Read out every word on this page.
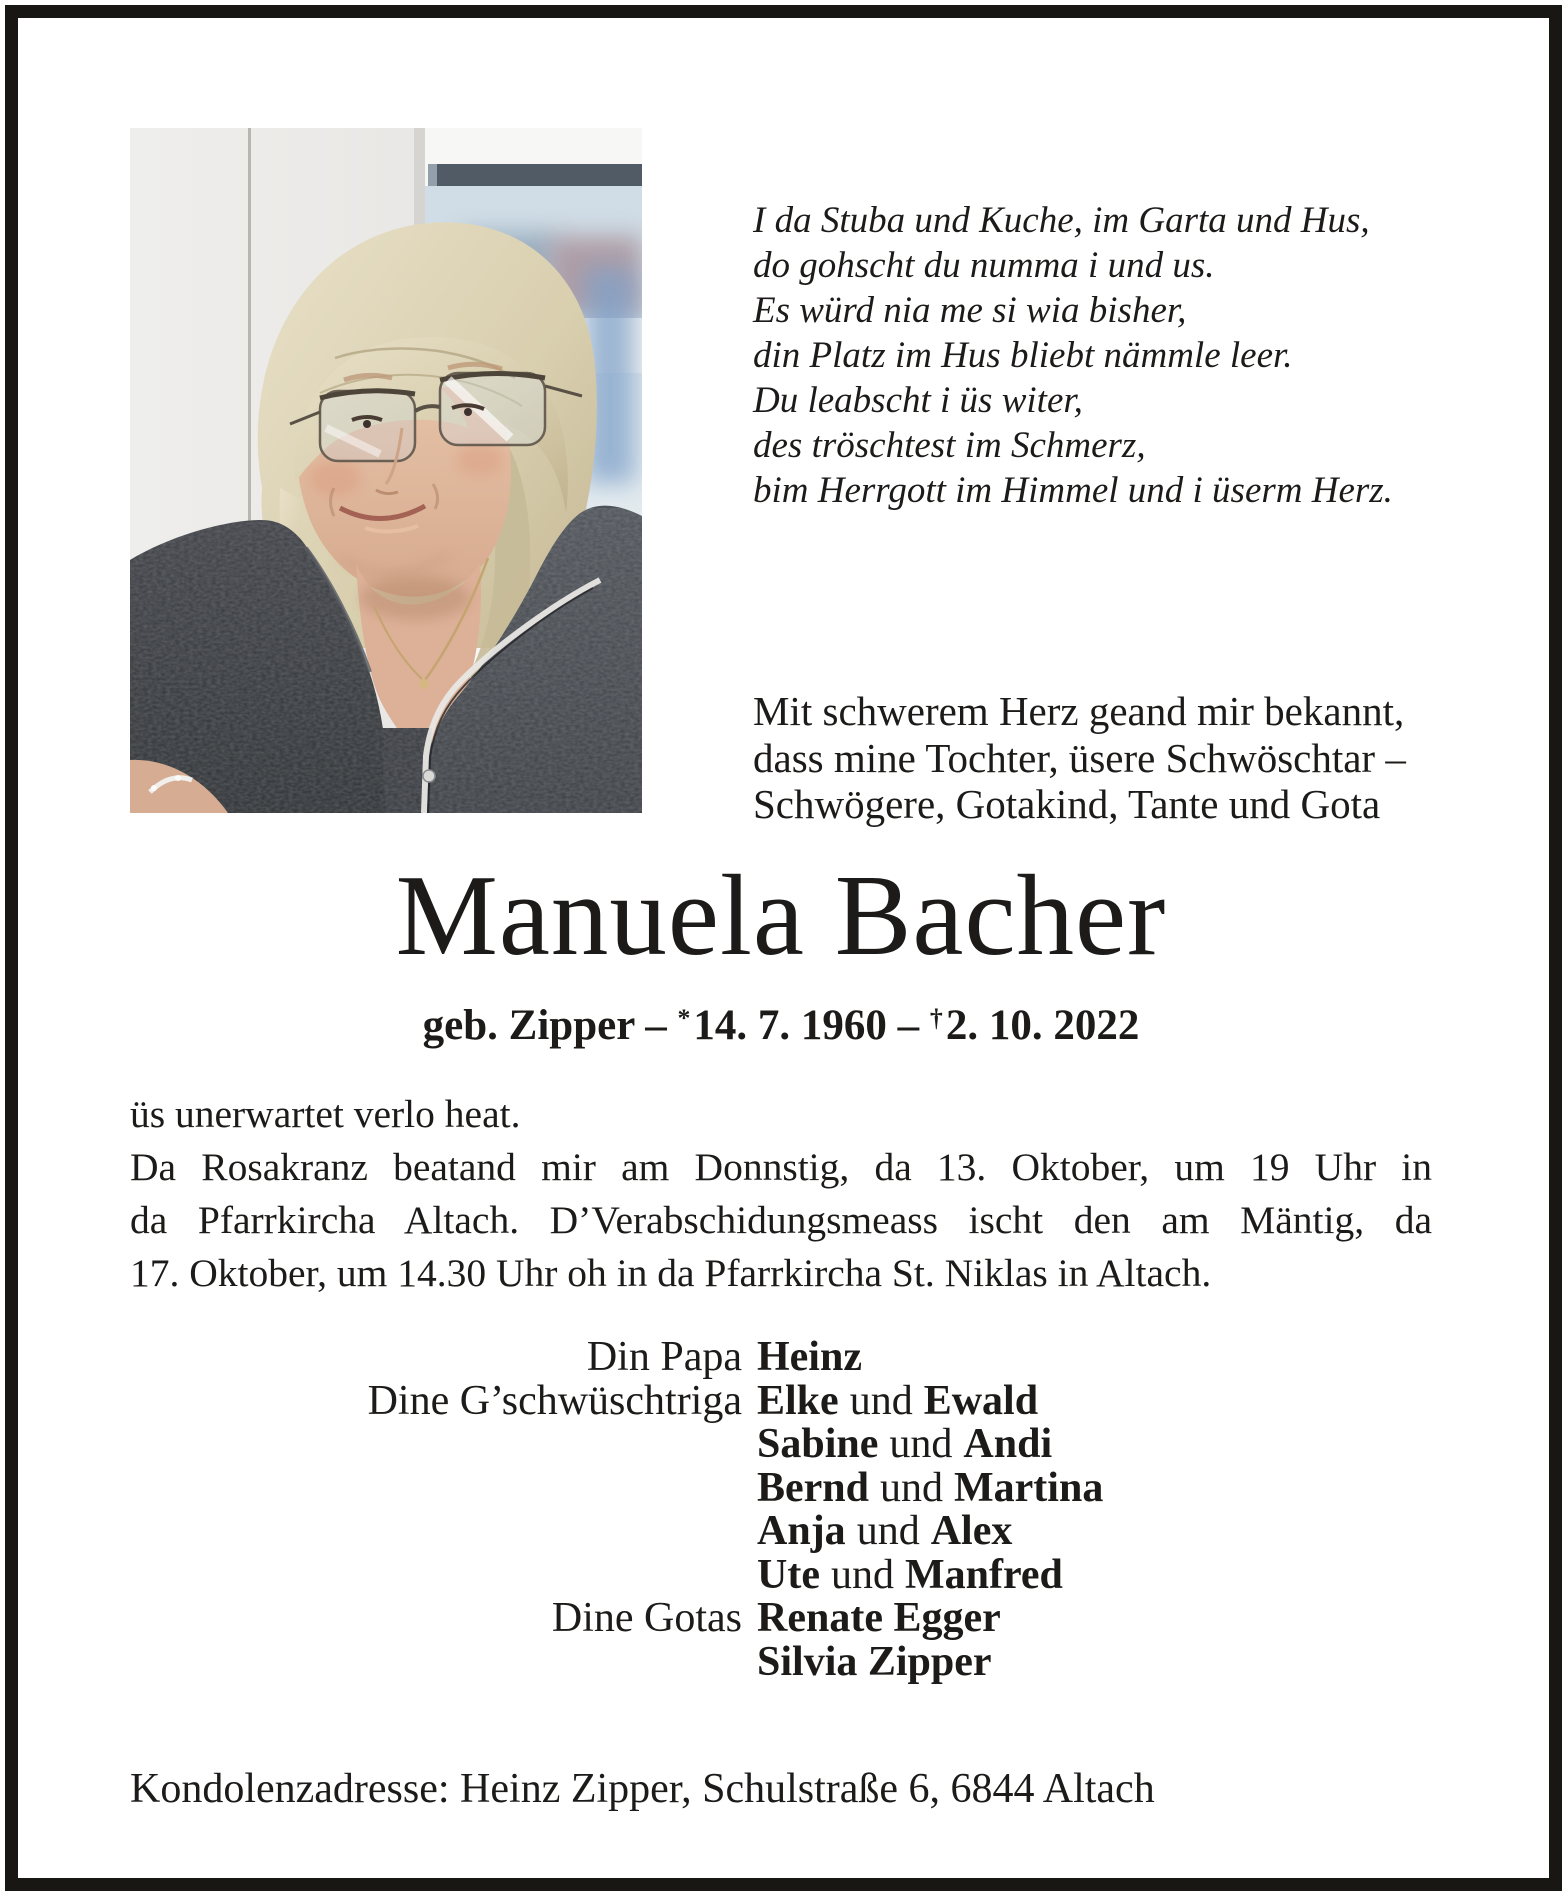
I da Stuba und Kuche, im Garta und Hus,
do gohscht du numma i und us.
Es würd nia me si wia bisher,
din Platz im Hus bliebt nämmle leer.
Du leabscht i üs witer,
des tröschtest im Schmerz,
bim Herrgott im Himmel und i üserm Herz.
Mit schwerem Herz geand mir bekannt,
dass mine Tochter, üsere Schwöschtar –
Schwögere, Gotakind, Tante und Gota
Manuela Bacher
geb. Zipper – *14. 7. 1960 – †2. 10. 2022
üs unerwartet verlo heat.
Da Rosakranz beatand mir am Donnstig, da 13. Oktober, um 19 Uhr in
da Pfarrkircha Altach. D’Verabschidungsmeass ischt den am Mäntig, da
17. Oktober, um 14.30 Uhr oh in da Pfarrkircha St. Niklas in Altach.
Din Papa Heinz
Dine G’schwüschtriga Elke und Ewald
Sabine und Andi
Bernd und Martina
Anja und Alex
Ute und Manfred
Dine Gotas Renate Egger
Silvia Zipper
Kondolenzadresse: Heinz Zipper, Schulstraße 6, 6844 Altach
